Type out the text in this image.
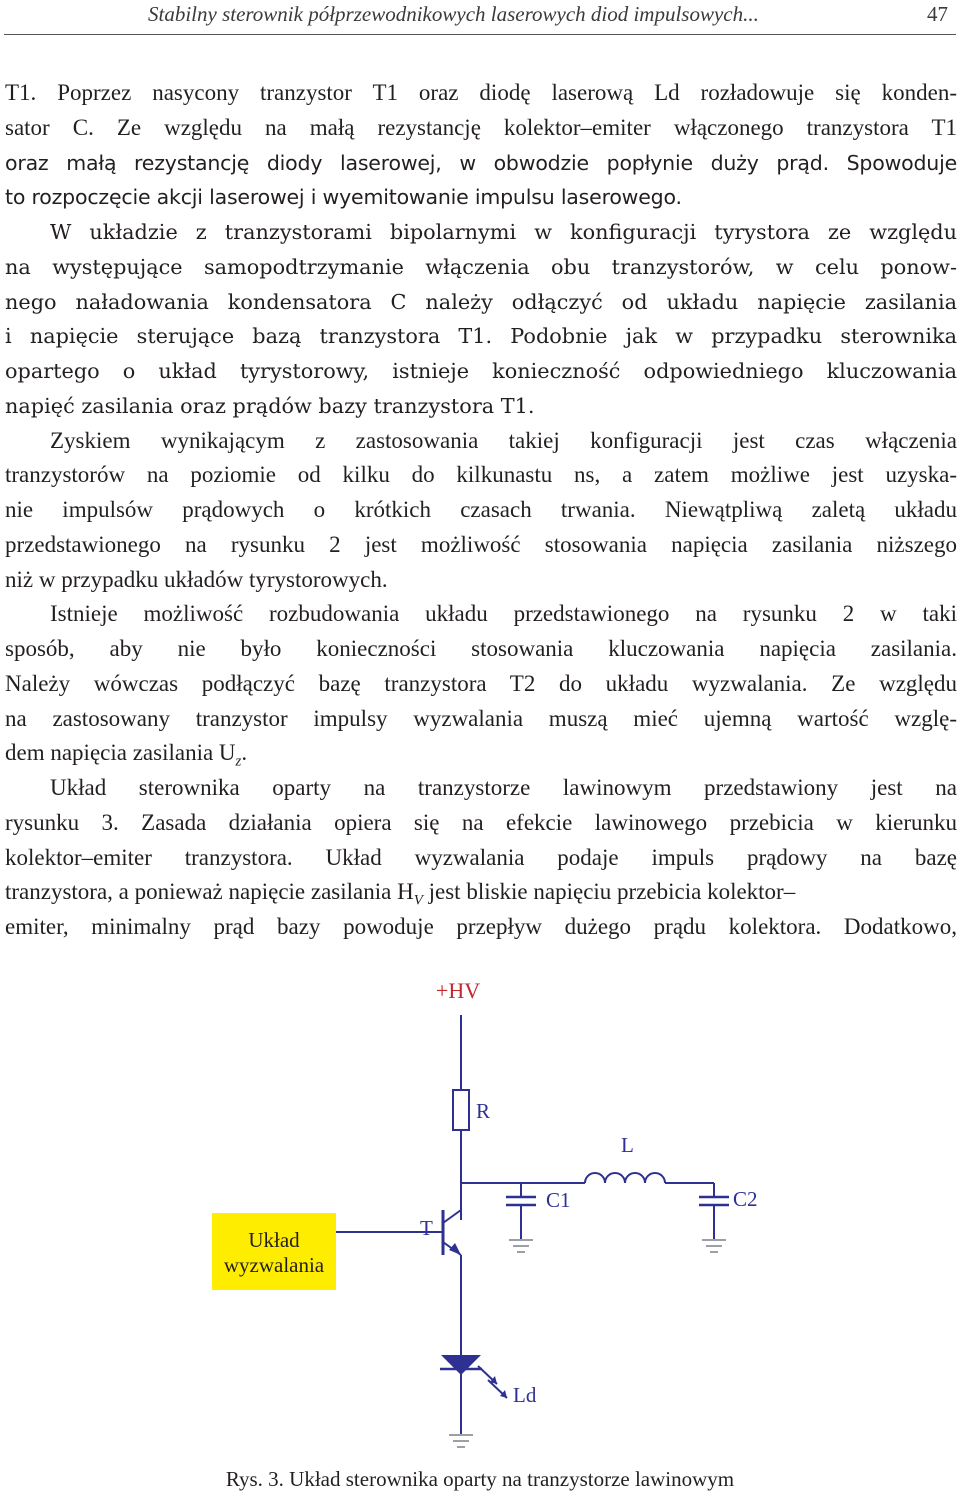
Stabilny sterownik półprzewodnikowych laserowych diod impulsowych...	47
T1. Poprzez nasycony tranzystor T1 oraz diodę laserową Ld rozładowuje się konden-
sator C. Ze względu na małą rezystancję kolektor–emiter włączonego tranzystora T1
oraz małą rezystancję diody laserowej, w obwodzie popłynie duży prąd. Spowoduje
to rozpoczęcie akcji laserowej i wyemitowanie impulsu laserowego.
W układzie z tranzystorami bipolarnymi w konfiguracji tyrystora ze względu
na występujące samopodtrzymanie włączenia obu tranzystorów, w celu ponow-
nego naładowania kondensatora C należy odłączyć od układu napięcie zasilania
i napięcie sterujące bazą tranzystora T1. Podobnie jak w przypadku sterownika
opartego o układ tyrystorowy, istnieje konieczność odpowiedniego kluczowania
napięć zasilania oraz prądów bazy tranzystora T1.
Zyskiem wynikającym z zastosowania takiej konfiguracji jest czas włączenia
tranzystorów na poziomie od kilku do kilkunastu ns, a zatem możliwe jest uzyska-
nie impulsów prądowych o krótkich czasach trwania. Niewątpliwą zaletą układu
przedstawionego na rysunku 2 jest możliwość stosowania napięcia zasilania niższego
niż w przypadku układów tyrystorowych.
Istnieje możliwość rozbudowania układu przedstawionego na rysunku 2 w taki
sposób, aby nie było konieczności stosowania kluczowania napięcia zasilania.
Należy wówczas podłączyć bazę tranzystora T2 do układu wyzwalania. Ze względu
na zastosowany tranzystor impulsy wyzwalania muszą mieć ujemną wartość wzglę-
dem napięcia zasilania $U_z$.
Układ sterownika oparty na tranzystorze lawinowym przedstawiony jest na
rysunku 3. Zasada działania opiera się na efekcie lawinowego przebicia w kierunku
kolektor–emiter tranzystora. Układ wyzwalania podaje impuls prądowy na bazę
tranzystora, a ponieważ napięcie zasilania $H_V$ jest bliskie napięciu przebicia kolektor–
emiter, minimalny prąd bazy powoduje przepływ dużego prądu kolektora. Dodatkowo,
Układ
wyzwalania
+HV
R
L
C1	C2
T
Ld
Rys. 3. Układ sterownika oparty na tranzystorze lawinowym
